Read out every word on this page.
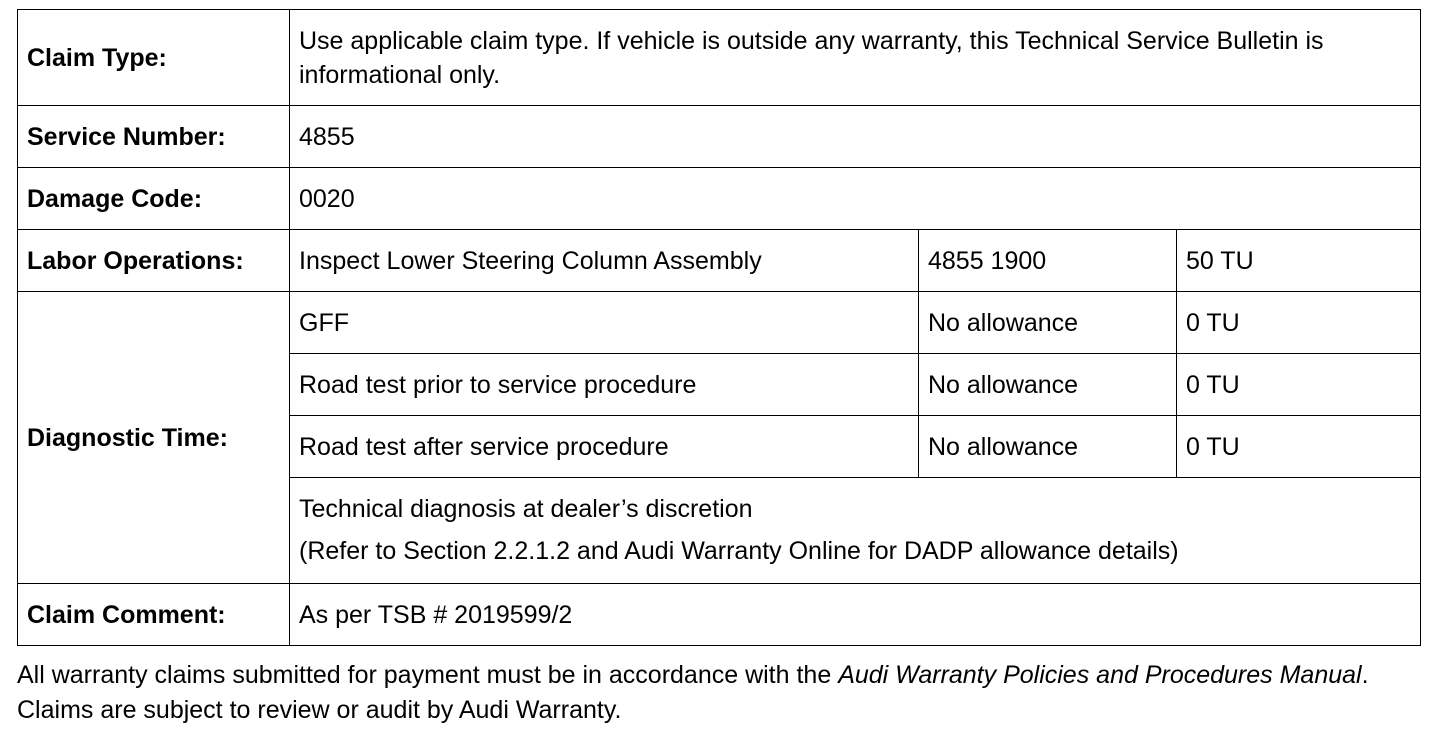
Claim Type:	Use applicable claim type. If vehicle is outside any warranty, this Technical Service Bulletin is informational only.		
Service Number:	4855		
Damage Code:	0020		
Labor Operations:	Inspect Lower Steering Column Assembly	4855 1900	50 TU
Diagnostic Time:	GFF	No allowance	0 TU
	Road test prior to service procedure	No allowance	0 TU
	Road test after service procedure	No allowance	0 TU

	Technical diagnosis at dealer’s discretion
(Refer to Section 2.2.1.2 and Audi Warranty Online for DADP allowance details)		

Claim Comment:	As per TSB # 2019599/2		

All warranty claims submitted for payment must be in accordance with the Audi Warranty Policies and Procedures Manual. Claims are subject to review or audit by Audi Warranty.
